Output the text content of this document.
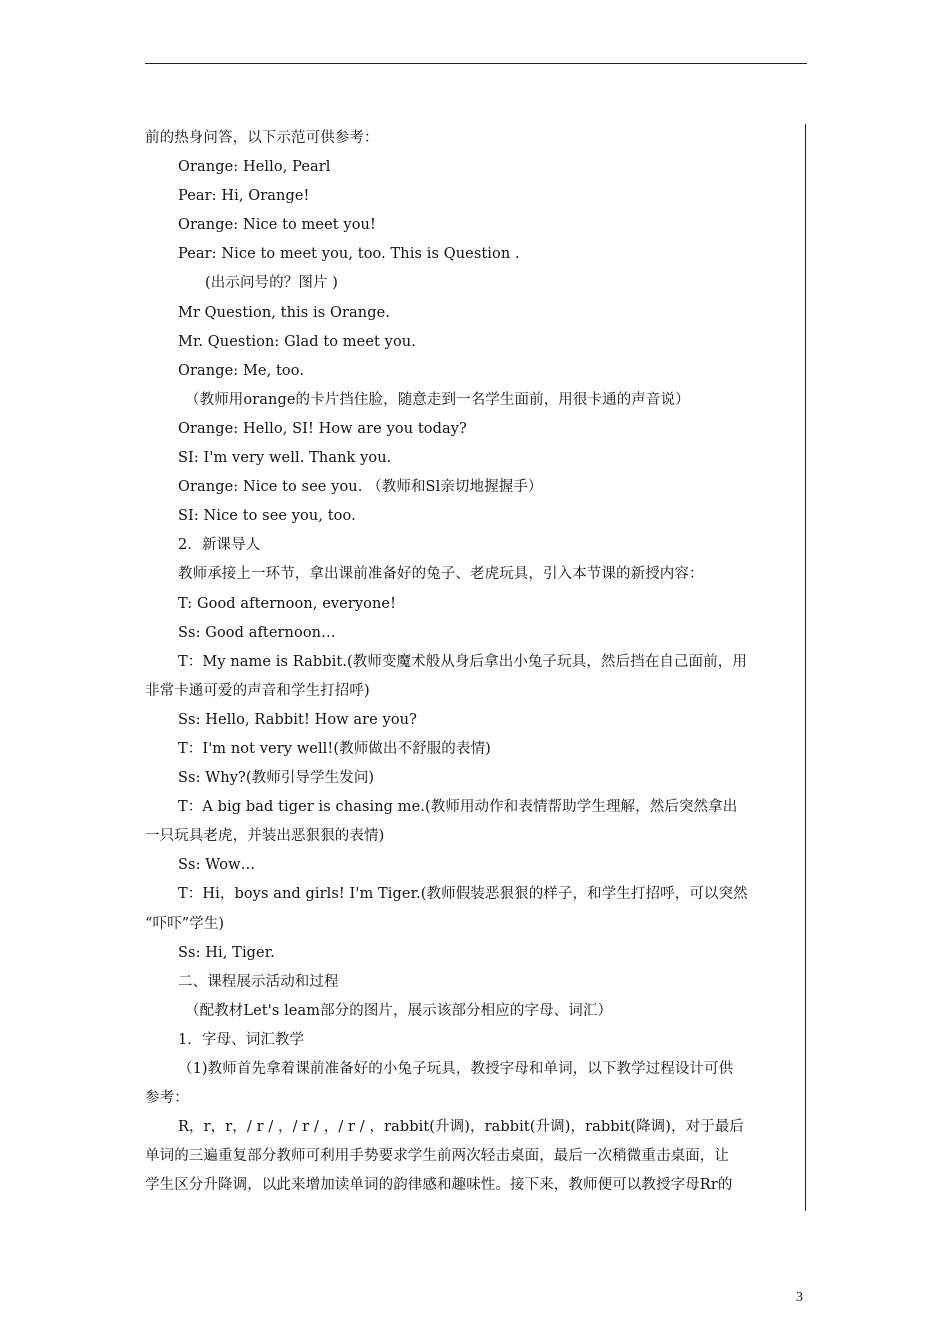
前的热身问答，以下示范可供参考：
Orange: Hello, Pearl
Pear: Hi, Orange!
Orange: Nice to meet you!
Pear: Nice to meet you, too. This is Question .
(出示问号的？图片 )
Mr Question, this is Orange.
Mr. Question: Glad to meet you.
Orange: Me, too.
（教师用orange的卡片挡住脸，随意走到一名学生面前，用很卡通的声音说）
Orange: Hello, SI! How are you today?
SI: I'm very well. Thank you.
Orange: Nice to see you. （教师和Sl亲切地握握手）
SI: Nice to see you, too.
2．新课导人
教师承接上一环节，拿出课前准备好的兔子、老虎玩具，引入本节课的新授内容：
T: Good afternoon, everyone!
Ss: Good afternoon…
T：My name is Rabbit.(教师变魔术般从身后拿出小兔子玩具，然后挡在自己面前，用
非常卡通可爱的声音和学生打招呼)
Ss: Hello, Rabbit! How are you?
T：I'm not very well!(教师做出不舒服的表情)
Ss: Why?(教师引导学生发问)
T：A big bad tiger is chasing me.(教师用动作和表情帮助学生理解，然后突然拿出
一只玩具老虎，并装出恶狠狠的表情)
Ss: Wow…
T：Hi，boys and girls! I'm Tiger.(教师假装恶狠狠的样子，和学生打招呼，可以突然
“吓吓”学生)
Ss: Hi, Tiger.
二、课程展示活动和过程
（配教材Let's leam部分的图片，展示该部分相应的字母、词汇）
1．字母、词汇教学
（1)教师首先拿着课前准备好的小兔子玩具，教授字母和单词，以下教学过程设计可供
参考：
R，r，r，/ r / ，/ r / ，/ r / ，rabbit(升调)，rabbit(升调)，rabbit(降调)，对于最后
单词的三遍重复部分教师可利用手势要求学生前两次轻击桌面，最后一次稍微重击桌面，让
学生区分升降调，以此来增加读单词的韵律感和趣味性。接下来，教师便可以教授字母Rr的
3
